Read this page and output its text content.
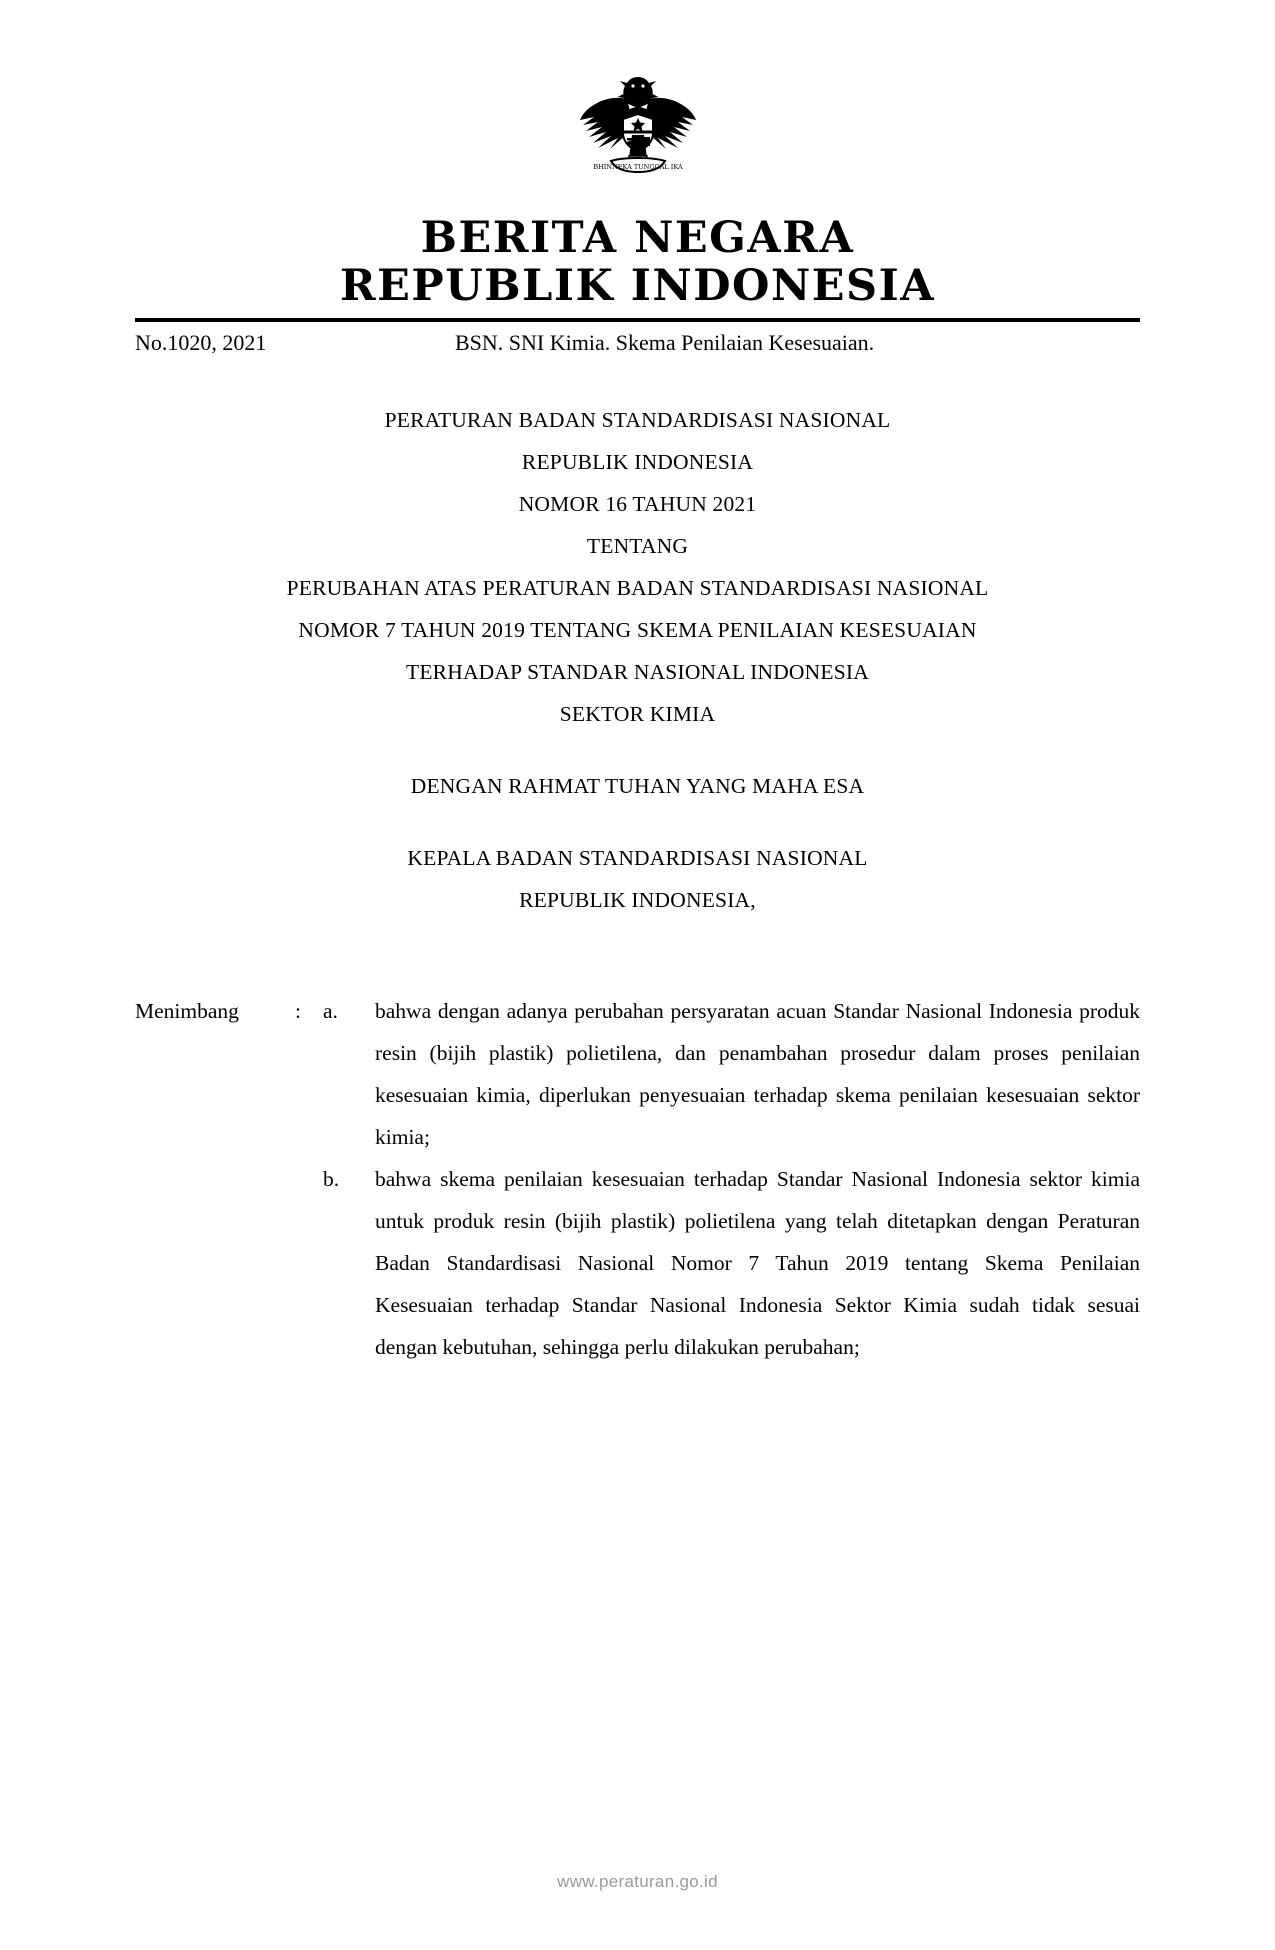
BHINNEKA TUNGGAL IKA
BERITA NEGARA
REPUBLIK INDONESIA
No.1020, 2021	BSN. SNI Kimia. Skema Penilaian Kesesuaian.
PERATURAN BADAN STANDARDISASI NASIONAL
REPUBLIK INDONESIA
NOMOR 16 TAHUN 2021
TENTANG
PERUBAHAN ATAS PERATURAN BADAN STANDARDISASI NASIONAL
NOMOR 7 TAHUN 2019 TENTANG SKEMA PENILAIAN KESESUAIAN
TERHADAP STANDAR NASIONAL INDONESIA
SEKTOR KIMIA
DENGAN RAHMAT TUHAN YANG MAHA ESA
KEPALA BADAN STANDARDISASI NASIONAL
REPUBLIK INDONESIA,
Menimbang	:	a.	bahwa dengan adanya perubahan persyaratan acuan Standar Nasional Indonesia produk resin (bijih plastik) polietilena, dan penambahan prosedur dalam proses penilaian kesesuaian kimia, diperlukan penyesuaian terhadap skema penilaian kesesuaian sektor kimia;
b.	bahwa skema penilaian kesesuaian terhadap Standar Nasional Indonesia sektor kimia untuk produk resin (bijih plastik) polietilena yang telah ditetapkan dengan Peraturan Badan Standardisasi Nasional Nomor 7 Tahun 2019 tentang Skema Penilaian Kesesuaian terhadap Standar Nasional Indonesia Sektor Kimia sudah tidak sesuai dengan kebutuhan, sehingga perlu dilakukan perubahan;
www.peraturan.go.id
